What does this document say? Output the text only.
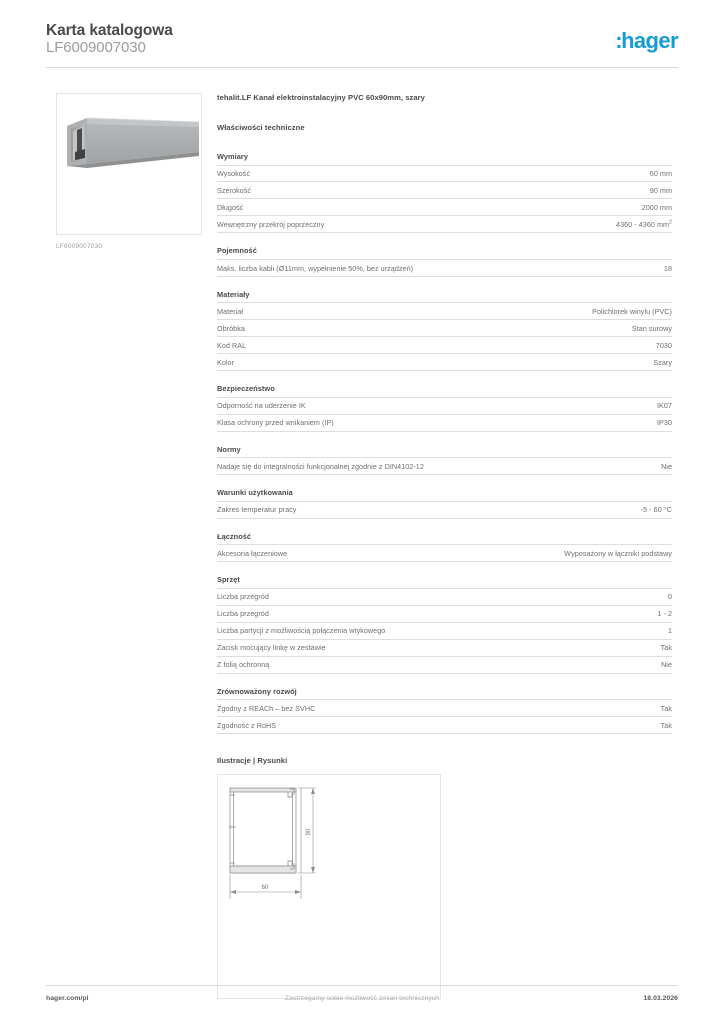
Karta katalogowa
LF6009007030	:hager
LF6009007030
tehalit.LF Kanał elektroinstalacyjny PVC 60x90mm, szary
Właściwości techniczne
Wymiary
Wysokość	60 mm
Szerokość	90 mm
Długość	2000 mm
Wewnętrzny przekrój poprzeczny	4360 - 4360 $mm^2$
Pojemność
Maks. liczba kabli (Ø11mm, wypełnienie 50%, bez urządzeń)	18
Materiały
Materiał	Polichlorek winylu (PVC)
Obróbka	Stan surowy
Kod RAL	7030
Kolor	Szary
Bezpieczeństwo
Odporność na uderzenie IK	IK07
Klasa ochrony przed wnikaniem (IP)	IP30
Normy
Nadaje się do integralności funkcjonalnej zgodnie z DIN4102-12	Nie
Warunki użytkowania
Zakres temperatur pracy	-5 - 60 °C
Łączność
Akcesoria łączeniowe	Wyposażony w łączniki podstawy
Sprzęt
Liczba przegród	0
Liczba przegród	1 - 2
Liczba partycji z możliwością połączenia wtykowego	1
Zacisk mocujący linkę w zestawie	Tak
Z folią ochronną	Nie
Zrównoważony rozwój
Zgodny z REACh – bez SVHC	Tak
Zgodność z RoHS	Tak
Ilustracje | Rysunki
90
60
hager.com/pl	Zastrzegamy sobie możliwość zmian technicznych	18.03.2026
